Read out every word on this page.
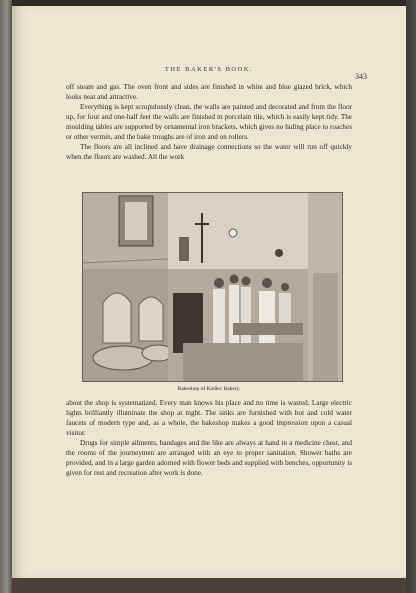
THE BAKER'S BOOK.
343

off steam and gas. The oven front and sides are finished in white and blue glazed brick, which looks neat and attractive.

Everything is kept scrupulously clean, the walls are painted and decorated and from the floor up, for four and one-half feet the walls are finished in porcelain tile, which is easily kept tidy. The moulding tables are supported by ornamental iron brackets, which gives no hiding place to roaches or other vermin, and the bake troughs are of iron and on rollers.

The floors are all inclined and have drainage connections so the water will run off quickly when the floors are washed. All the work

Bakeshop of Kadlec Bakery.

about the shop is systematized. Every man knows his place and no time is wasted. Large electric lights brilliantly illuminate the shop at night. The sinks are furnished with hot and cold water faucets of modern type and, as a whole, the bakeshop makes a good impression upon a casual visitor.

Drugs for simple ailments, bandages and the like are always at hand in a medicine chest, and the rooms of the journeymen are arranged with an eye to proper sanitation. Shower baths are provided, and in a large garden adorned with flower beds and supplied with benches, opportunity is given for rest and recreation after work is done.
